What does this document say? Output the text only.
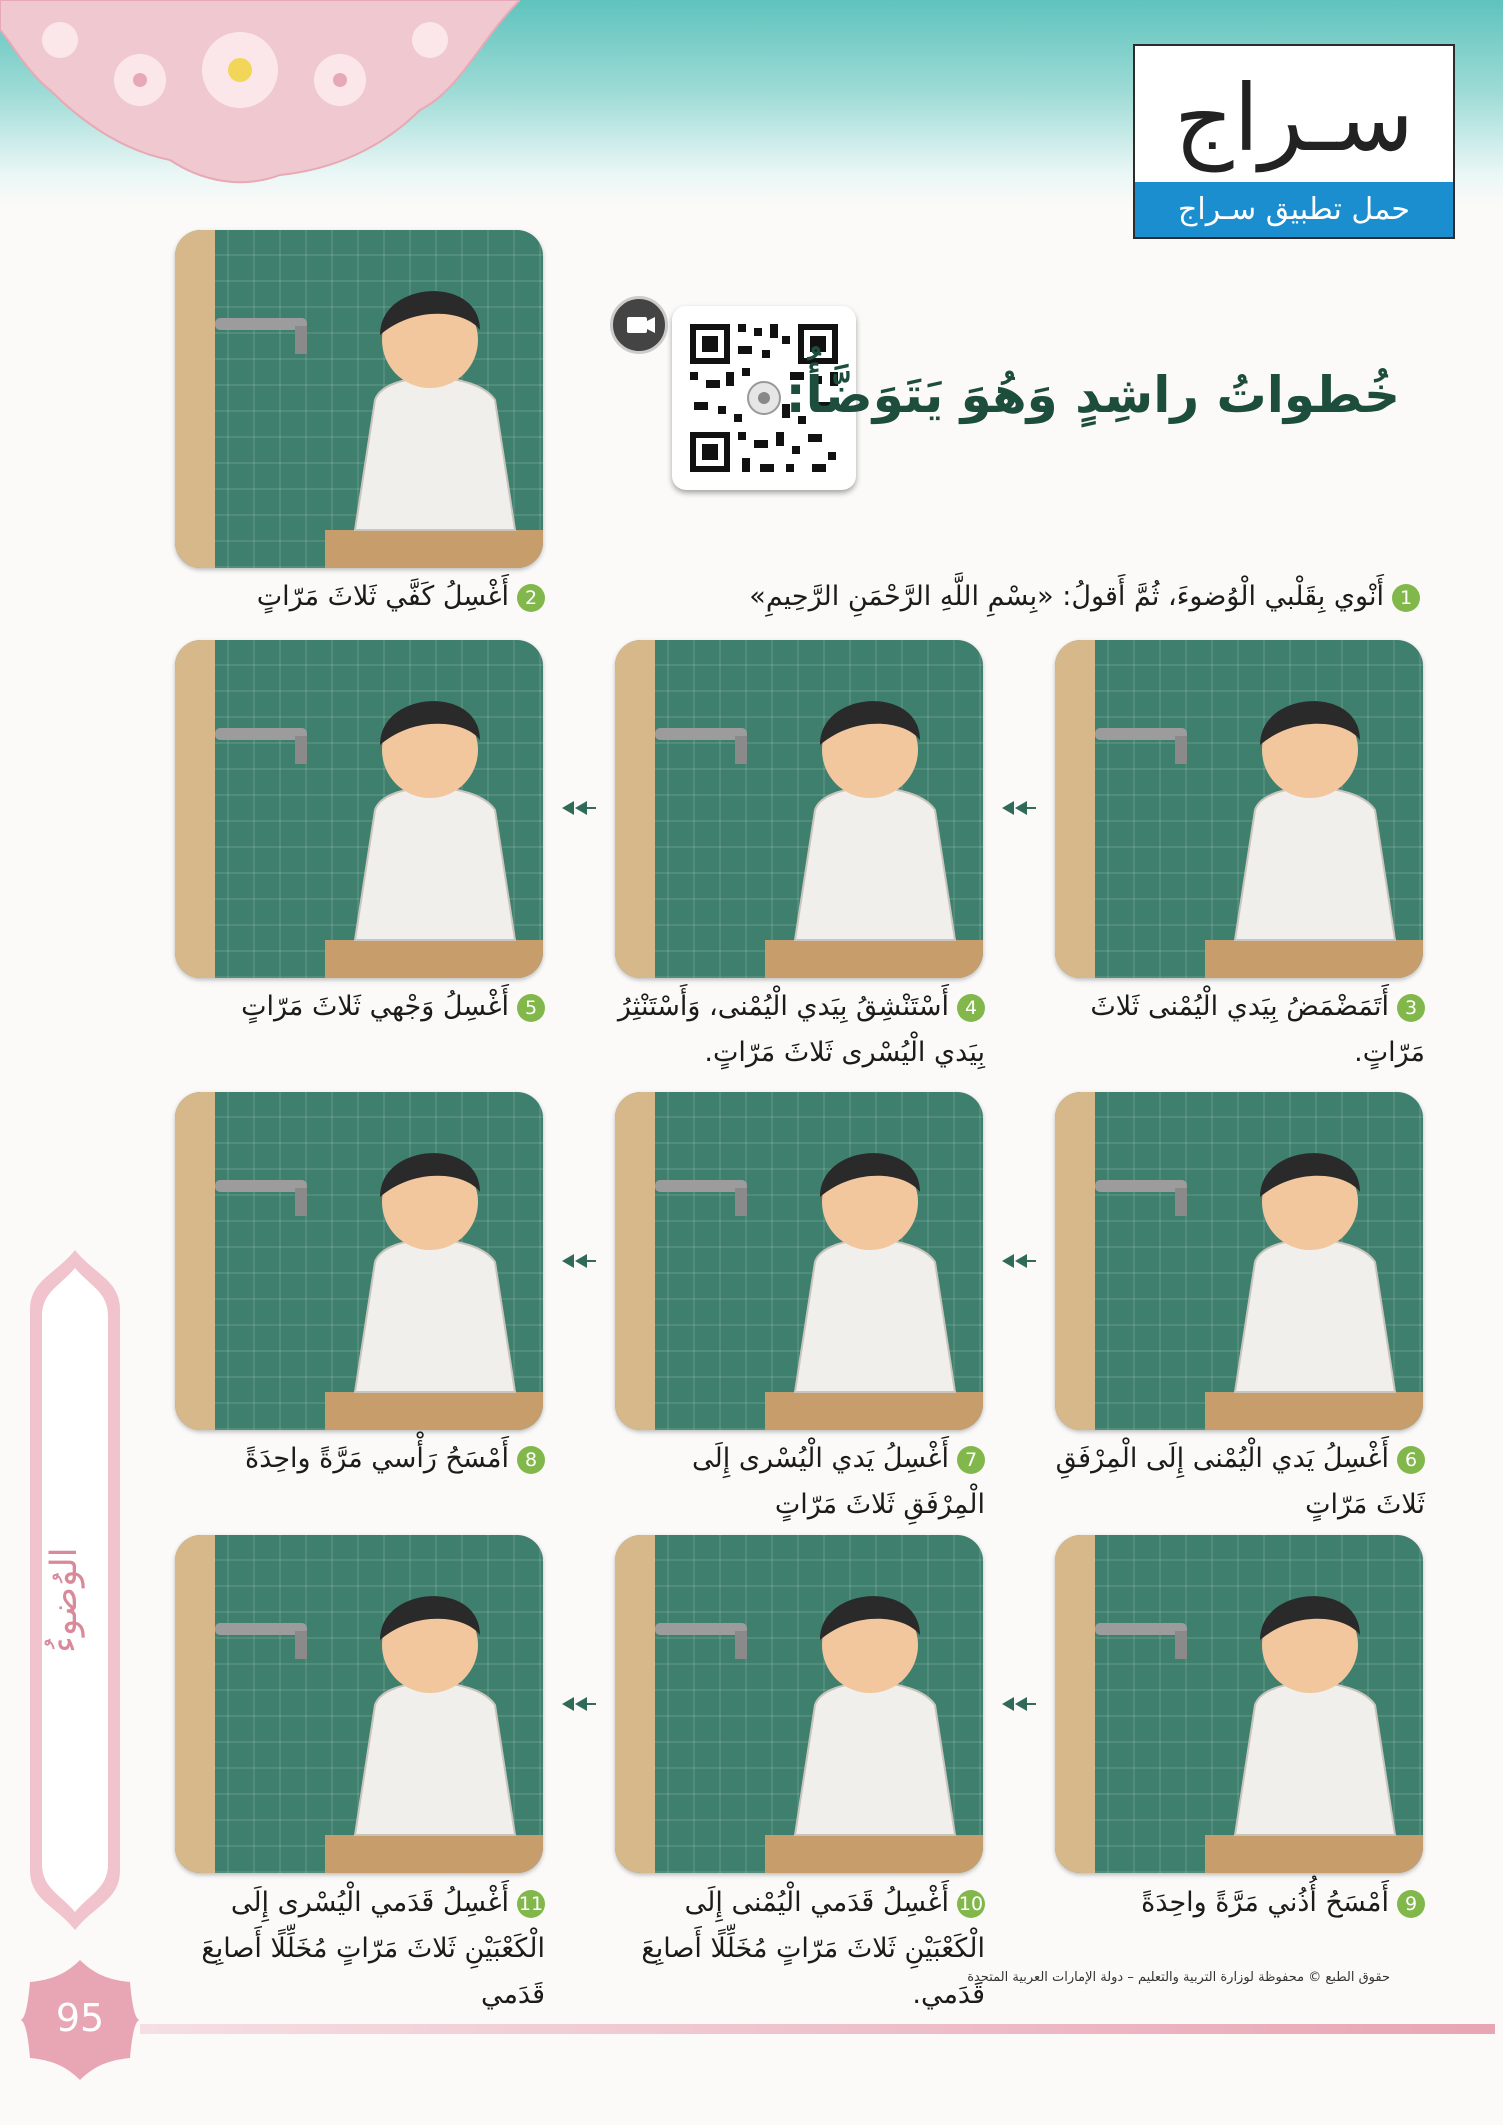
سـراج
حمل تطبيق سـراج
خُطواتُ راشِدٍ وَهُوَ يَتَوَضَّأُ:
2أَغْسِلُ كَفَّي ثَلاثَ مَرّاتٍ	1أَنْوي بِقَلْبي الْوُضوءَ، ثُمَّ أَقولُ: «بِسْمِ اللَّهِ الرَّحْمَنِ الرَّحِيمِ»
3أَتَمَضْمَضُ بِيَدي الْيُمْنى ثَلاثَ مَرّاتٍ.
4أَسْتَنْشِقُ بِيَدي الْيُمْنى، وَأَسْتَنْثِرُ بِيَدي الْيُسْرى ثَلاثَ مَرّاتٍ.
5أَغْسِلُ وَجْهي ثَلاثَ مَرّاتٍ
6أَغْسِلُ يَدي الْيُمْنى إِلَى الْمِرْفَقِ ثَلاثَ مَرّاتٍ
7أَغْسِلُ يَدي الْيُسْرى إِلَى الْمِرْفَقِ ثَلاثَ مَرّاتٍ
8أَمْسَحُ رَأْسي مَرَّةً واحِدَةً
9أَمْسَحُ أُذُني مَرَّةً واحِدَةً
10أَغْسِلُ قَدَمي الْيُمْنى إِلَى الْكَعْبَيْنِ ثَلاثَ مَرّاتٍ مُخَلِّلًا أَصابِعَ قَدَمي.
11أَغْسِلُ قَدَمي الْيُسْرى إِلَى الْكَعْبَيْنِ ثَلاثَ مَرّاتٍ مُخَلِّلًا أَصابِعَ قَدَمي
الوُضوءُ
95
حقوق الطبع © محفوظة لوزارة التربية والتعليم – دولة الإمارات العربية المتحدة
